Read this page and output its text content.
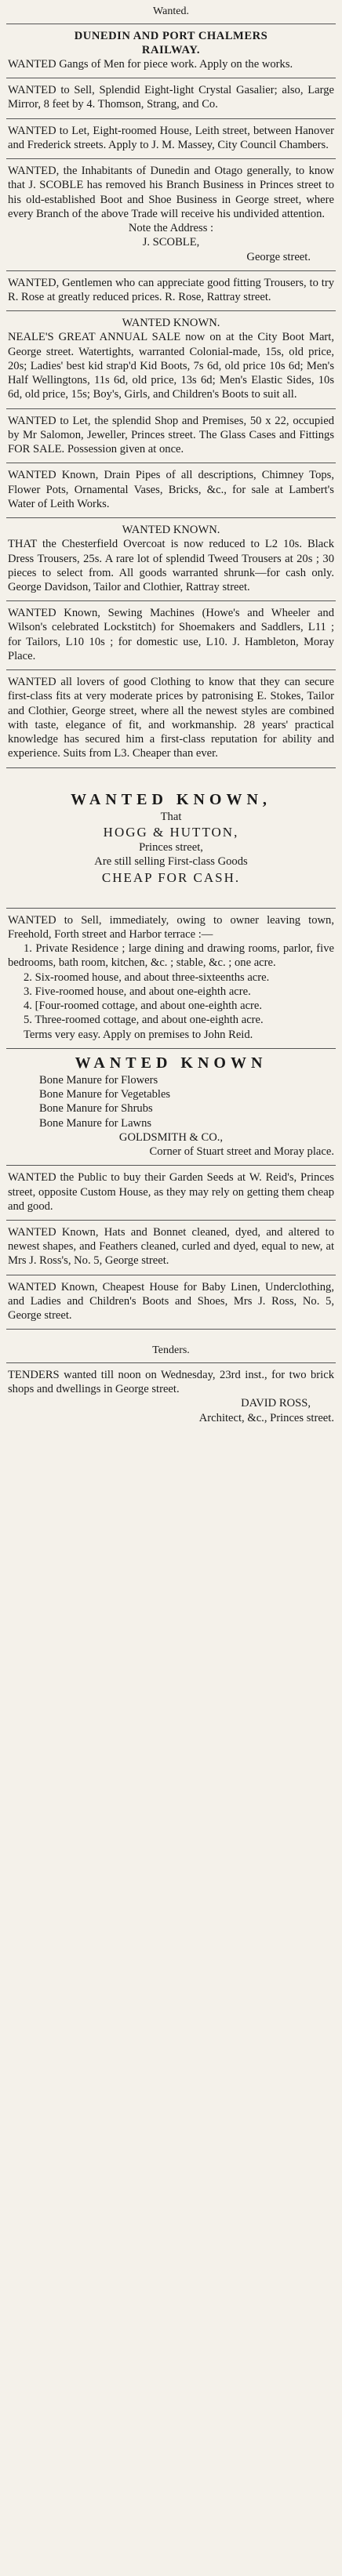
Wanted.

DUNEDIN AND PORT CHALMERS

RAILWAY.

WANTED Gangs of Men for piece work. Apply on the works.

WANTED to Sell, Splendid Eight-light Crystal Gasalier; also, Large Mirror, 8 feet by 4. Thomson, Strang, and Co.

WANTED to Let, Eight-roomed House, Leith street, between Hanover and Frederick streets. Apply to J. M. Massey, City Council Chambers.

WANTED, the Inhabitants of Dunedin and Otago generally, to know that J. SCOBLE has removed his Branch Business in Princes street to his old-established Boot and Shoe Business in George street, where every Branch of the above Trade will receive his undivided attention.

Note the Address :

J. SCOBLE,

George street.

WANTED, Gentlemen who can appreciate good fitting Trousers, to try R. Rose at greatly reduced prices. R. Rose, Rattray street.

WANTED KNOWN.

NEALE'S GREAT ANNUAL SALE now on at the City Boot Mart, George street. Watertights, warranted Colonial-made, 15s, old price, 20s; Ladies' best kid strap'd Kid Boots, 7s 6d, old price 10s 6d; Men's Half Wellingtons, 11s 6d, old price, 13s 6d; Men's Elastic Sides, 10s 6d, old price, 15s; Boy's, Girls, and Children's Boots to suit all.

WANTED to Let, the splendid Shop and Premises, 50 x 22, occupied by Mr Salomon, Jeweller, Princes street. The Glass Cases and Fittings FOR SALE. Possession given at once.

WANTED Known, Drain Pipes of all descriptions, Chimney Tops, Flower Pots, Ornamental Vases, Bricks, &c., for sale at Lambert's Water of Leith Works.

WANTED KNOWN.

THAT the Chesterfield Overcoat is now reduced to L2 10s. Black Dress Trousers, 25s. A rare lot of splendid Tweed Trousers at 20s ; 30 pieces to select from. All goods warranted shrunk—for cash only. George Davidson, Tailor and Clothier, Rattray street.

WANTED Known, Sewing Machines (Howe's and Wheeler and Wilson's celebrated Lockstitch) for Shoemakers and Saddlers, L11 ; for Tailors, L10 10s ; for domestic use, L10. J. Hambleton, Moray Place.

WANTED all lovers of good Clothing to know that they can secure first-class fits at very moderate prices by patronising E. Stokes, Tailor and Clothier, George street, where all the newest styles are combined with taste, elegance of fit, and workmanship. 28 years' practical knowledge has secured him a first-class reputation for ability and experience. Suits from L3. Cheaper than ever.

WANTED KNOWN,

That

HOGG & HUTTON,

Princes street,

Are still selling First-class Goods

CHEAP FOR CASH.

WANTED to Sell, immediately, owing to owner leaving town, Freehold, Forth street and Harbor terrace :—

1. Private Residence ; large dining and drawing rooms, parlor, five bedrooms, bath room, kitchen, &c. ; stable, &c. ; one acre.

2. Six-roomed house, and about three-sixteenths acre.

3. Five-roomed house, and about one-eighth acre.

4. [Four-roomed cottage, and about one-eighth acre.

5. Three-roomed cottage, and about one-eighth acre.

Terms very easy. Apply on premises to John Reid.

WANTED KNOWN

Bone Manure for Flowers

Bone Manure for Vegetables

Bone Manure for Shrubs

Bone Manure for Lawns

GOLDSMITH & CO.,

Corner of Stuart street and Moray place.

WANTED the Public to buy their Garden Seeds at W. Reid's, Princes street, opposite Custom House, as they may rely on getting them cheap and good.

WANTED Known, Hats and Bonnet cleaned, dyed, and altered to newest shapes, and Feathers cleaned, curled and dyed, equal to new, at Mrs J. Ross's, No. 5, George street.

WANTED Known, Cheapest House for Baby Linen, Underclothing, and Ladies and Children's Boots and Shoes, Mrs J. Ross, No. 5, George street.

Tenders.

TENDERS wanted till noon on Wednesday, 23rd inst., for two brick shops and dwellings in George street.

DAVID ROSS,

Architect, &c., Princes street.
